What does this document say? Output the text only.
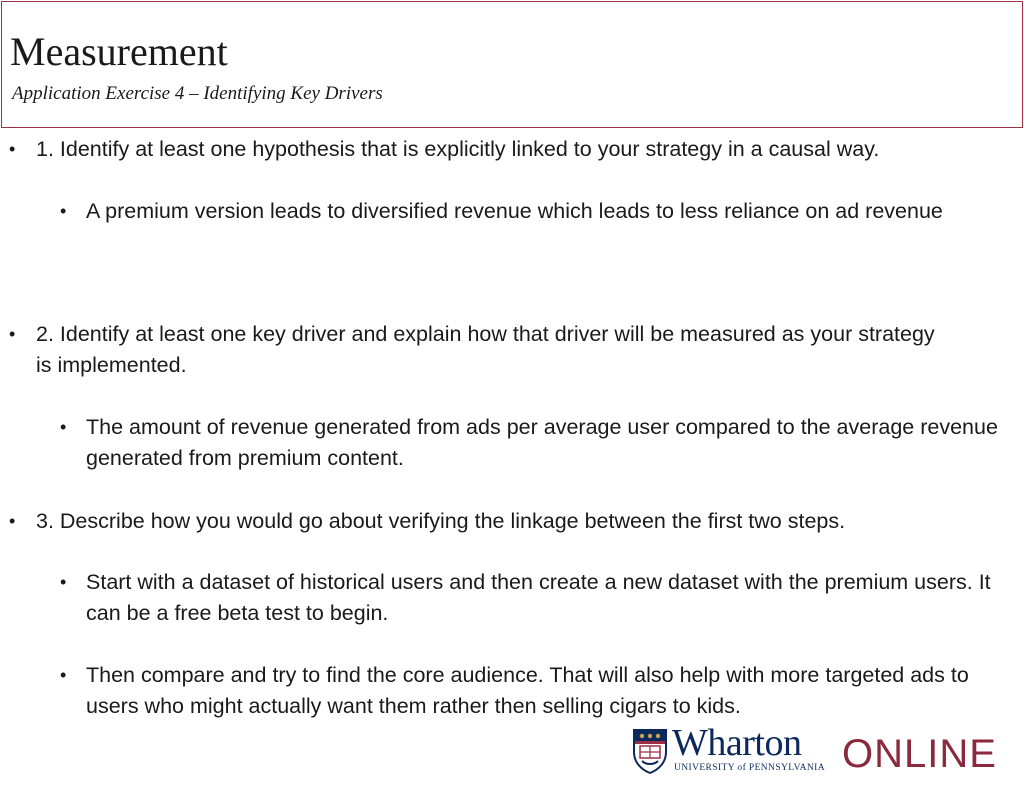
Measurement
Application Exercise 4 – Identifying Key Drivers
• 1. Identify at least one hypothesis that is explicitly linked to your strategy in a causal way.
• A premium version leads to diversified revenue which leads to less reliance on ad revenue
• 2. Identify at least one key driver and explain how that driver will be measured as your strategy is implemented.
• The amount of revenue generated from ads per average user compared to the average revenue generated from premium content.
• 3. Describe how you would go about verifying the linkage between the first two steps.
• Start with a dataset of historical users and then create a new dataset with the premium users. It can be a free beta test to begin.
• Then compare and try to find the core audience. That will also help with more targeted ads to users who might actually want them rather then selling cigars to kids.
Wharton
UNIVERSITY of PENNSYLVANIA ONLINE
